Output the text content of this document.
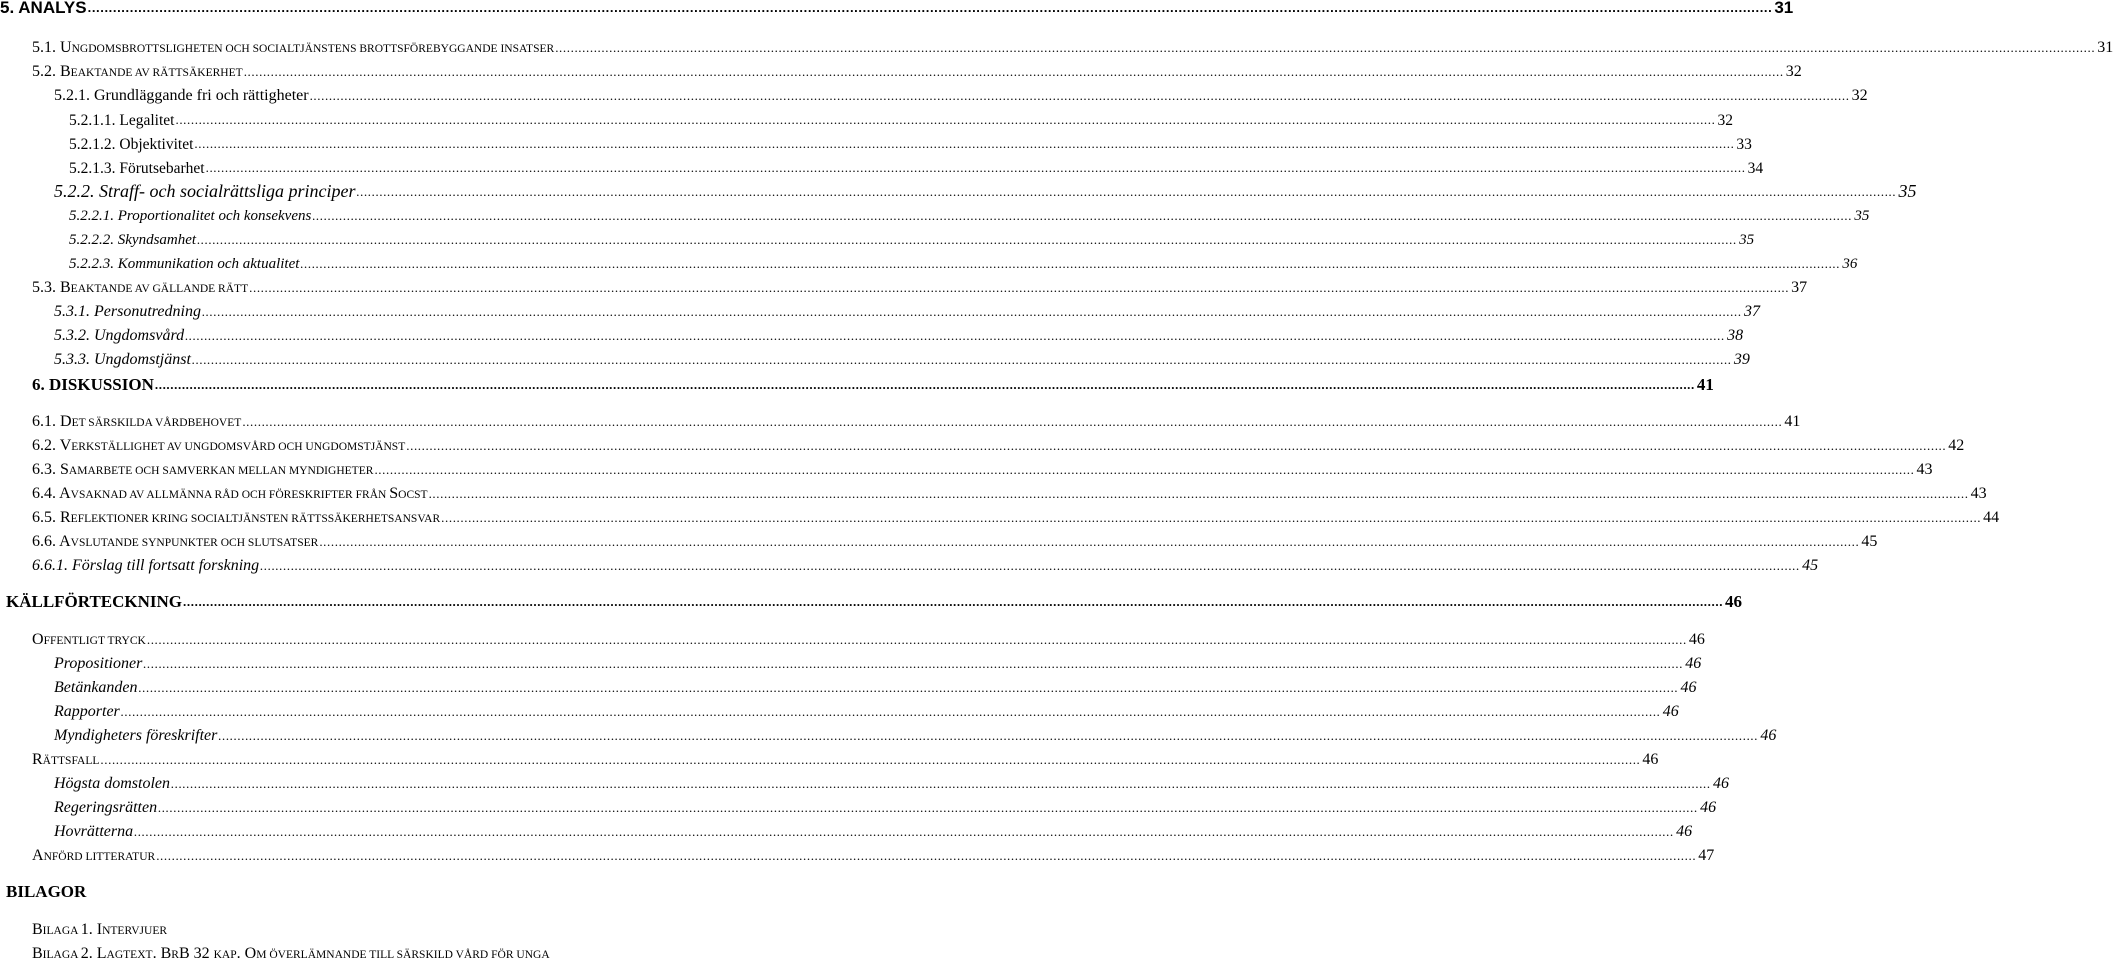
5. ANALYS ................................................................................................................................................................................................................................................................................................................................................................................................................ 31
5.1. UNGDOMSBROTTSLIGHETEN OCH SOCIALTJÄNSTENS BROTTSFÖREBYGGANDE INSATSER ................................................................................................................................................................................................................................................................................................................................................................................................................ 31
5.2. BEAKTANDE AV RÄTTSÄKERHET ................................................................................................................................................................................................................................................................................................................................................................................................................ 32
5.2.1. Grundläggande fri och rättigheter ................................................................................................................................................................................................................................................................................................................................................................................................................ 32
5.2.1.1. Legalitet ................................................................................................................................................................................................................................................................................................................................................................................................................ 32
5.2.1.2. Objektivitet ................................................................................................................................................................................................................................................................................................................................................................................................................ 33
5.2.1.3. Förutsebarhet ................................................................................................................................................................................................................................................................................................................................................................................................................ 34
5.2.2. Straff- och socialrättsliga principer ................................................................................................................................................................................................................................................................................................................................................................................................................ 35
5.2.2.1. Proportionalitet och konsekvens ................................................................................................................................................................................................................................................................................................................................................................................................................ 35
5.2.2.2. Skyndsamhet ................................................................................................................................................................................................................................................................................................................................................................................................................ 35
5.2.2.3. Kommunikation och aktualitet ................................................................................................................................................................................................................................................................................................................................................................................................................ 36
5.3. BEAKTANDE AV GÄLLANDE RÄTT ................................................................................................................................................................................................................................................................................................................................................................................................................ 37
5.3.1. Personutredning ................................................................................................................................................................................................................................................................................................................................................................................................................ 37
5.3.2. Ungdomsvård ................................................................................................................................................................................................................................................................................................................................................................................................................ 38
5.3.3. Ungdomstjänst ................................................................................................................................................................................................................................................................................................................................................................................................................ 39
6. DISKUSSION ................................................................................................................................................................................................................................................................................................................................................................................................................ 41
6.1. DET SÄRSKILDA VÅRDBEHOVET ................................................................................................................................................................................................................................................................................................................................................................................................................ 41
6.2. VERKSTÄLLIGHET AV UNGDOMSVÅRD OCH UNGDOMSTJÄNST ................................................................................................................................................................................................................................................................................................................................................................................................................ 42
6.3. SAMARBETE OCH SAMVERKAN MELLAN MYNDIGHETER ................................................................................................................................................................................................................................................................................................................................................................................................................ 43
6.4. AVSAKNAD AV ALLMÄNNA RÅD OCH FÖRESKRIFTER FRÅN SOCST ................................................................................................................................................................................................................................................................................................................................................................................................................ 43
6.5. REFLEKTIONER KRING SOCIALTJÄNSTEN RÄTTSSÄKERHETSANSVAR ................................................................................................................................................................................................................................................................................................................................................................................................................ 44
6.6. AVSLUTANDE SYNPUNKTER OCH SLUTSATSER ................................................................................................................................................................................................................................................................................................................................................................................................................ 45
6.6.1. Förslag till fortsatt forskning ................................................................................................................................................................................................................................................................................................................................................................................................................ 45
KÄLLFÖRTECKNING ................................................................................................................................................................................................................................................................................................................................................................................................................ 46
OFFENTLIGT TRYCK ................................................................................................................................................................................................................................................................................................................................................................................................................ 46
Propositioner ................................................................................................................................................................................................................................................................................................................................................................................................................ 46
Betänkanden ................................................................................................................................................................................................................................................................................................................................................................................................................ 46
Rapporter ................................................................................................................................................................................................................................................................................................................................................................................................................ 46
Myndigheters föreskrifter ................................................................................................................................................................................................................................................................................................................................................................................................................ 46
RÄTTSFALL ................................................................................................................................................................................................................................................................................................................................................................................................................ 46
Högsta domstolen ................................................................................................................................................................................................................................................................................................................................................................................................................ 46
Regeringsrätten ................................................................................................................................................................................................................................................................................................................................................................................................................ 46
Hovrätterna ................................................................................................................................................................................................................................................................................................................................................................................................................ 46
ANFÖRD LITTERATUR ................................................................................................................................................................................................................................................................................................................................................................................................................ 47
BILAGOR
BILAGA 1. INTERVJUER
BILAGA 2. LAGTEXT. BRB 32 KAP. OM ÖVERLÄMNANDE TILL SÄRSKILD VÅRD FÖR UNGA
